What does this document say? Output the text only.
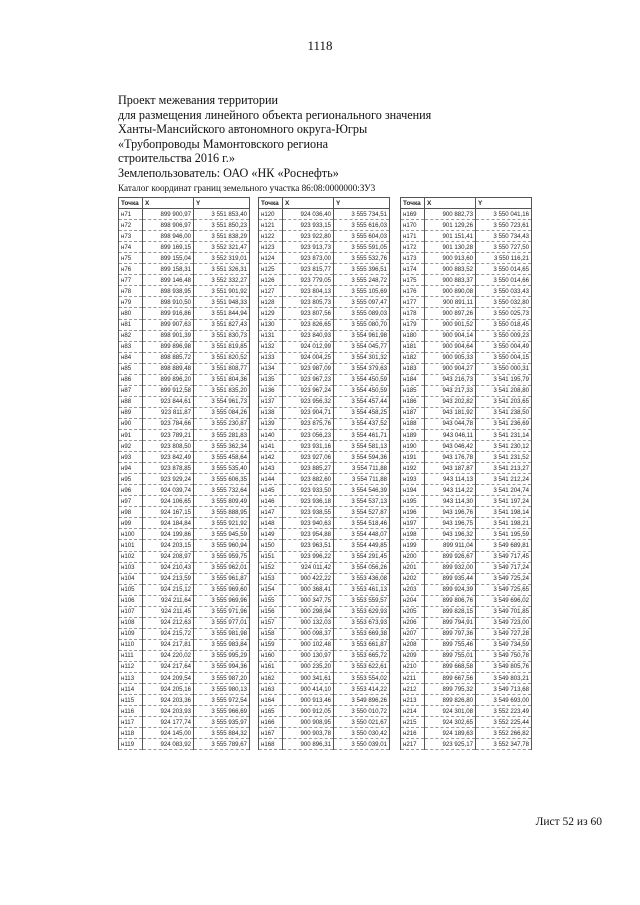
1118
Проект межевания территории
для размещения линейного объекта регионального значения
Ханты-Мансийского автономного округа-Югры
«Трубопроводы Мамонтовского региона
строительства 2016 г.»
Землепользователь: ОАО «НК «Роснефть»
Каталог координат границ земельного участка 86:08:0000000:ЗУ3
Точка	X	Y
н71	899 900,97	3 551 853,40
н72	898 906,97	3 551 850,23
н73	898 946,00	3 551 838,29
н74	899 169,15	3 552 321,47
н75	899 155,04	3 552 319,01
н76	899 158,31	3 551 326,31
н77	899 146,48	3 552 332,27
н78	898 938,95	3 551 901,92
н79	898 910,50	3 551 948,33
н80	899 916,86	3 551 844,94
н81	899 907,63	3 551 827,43
н82	898 901,39	3 551 830,73
н83	899 896,98	3 551 819,85
н84	898 885,72	3 551 820,52
н85	898 889,48	3 551 808,77
н86	899 896,20	3 551 804,36
н87	899 912,58	3 551 835,20
н88	923 844,61	3 554 961,73
н89	923 811,87	3 555 084,26
н90	923 784,66	3 555 230,87
н91	923 789,21	3 555 281,83
н92	923 808,50	3 555 362,34
н93	923 842,49	3 555 458,64
н94	923 878,85	3 555 535,40
н95	923 929,24	3 555 606,35
н96	924 039,74	3 555 732,64
н97	924 106,65	3 555 809,49
н98	924 167,15	3 555 888,95
н99	924 184,84	3 555 921,92
н100	924 199,86	3 555 945,59
н101	924 203,15	3 555 960,94
н102	924 208,97	3 555 959,75
н103	924 210,43	3 555 962,01
н104	924 213,59	3 555 961,87
н105	924 215,12	3 555 969,60
н106	924 211,64	3 555 969,96
н107	924 211,45	3 555 971,96
н108	924 212,63	3 555 977,01
н109	924 215,72	3 555 981,98
н110	924 217,81	3 555 983,84
н111	924 220,02	3 555 995,29
н112	924 217,64	3 555 994,36
н113	924 209,54	3 555 987,20
н114	924 205,16	3 555 980,13
н115	924 203,36	3 555 972,54
н116	924 203,93	3 555 966,69
н117	924 177,74	3 555 935,97
н118	924 145,00	3 555 884,32
н119	924 083,92	3 555 789,67
Точка	X	Y
н120	924 036,40	3 555 734,51
н121	923 933,15	3 555 616,03
н122	923 922,80	3 555 604,03
н123	923 913,73	3 555 591,05
н124	923 873,00	3 555 532,76
н125	923 815,77	3 555 396,51
н126	923 779,05	3 555 248,72
н127	923 804,13	3 555 105,69
н128	923 805,73	3 555 097,47
н129	923 807,56	3 555 089,03
н130	923 826,65	3 555 080,70
н131	923 840,93	3 554 961,98
н132	924 012,99	3 554 045,77
н133	924 004,25	3 554 301,32
н134	923 987,09	3 554 379,63
н135	923 967,23	3 554 450,59
н136	923 967,24	3 554 450,59
н137	923 956,32	3 554 457,44
н138	923 904,71	3 554 458,25
н139	923 875,76	3 554 437,52
н140	923 056,23	3 554 461,71
н141	923 931,16	3 554 581,13
н142	923 927,06	3 554 594,36
н143	923 885,27	3 554 711,88
н144	923 882,60	3 554 711,88
н145	923 933,50	3 554 546,39
н146	923 936,18	3 554 537,13
н147	923 938,55	3 554 527,87
н148	923 940,63	3 554 518,46
н149	923 954,88	3 554 448,07
н150	923 963,51	3 554 449,85
н151	923 996,22	3 554 291,45
н152	924 011,42	3 554 056,26
н153	900 422,22	3 553 436,08
н154	900 368,41	3 553 461,13
н155	900 347,75	3 553 559,57
н156	900 298,94	3 553 629,93
н157	900 132,03	3 553 673,93
н158	900 098,37	3 553 669,38
н159	900 102,48	3 553 661,87
н160	900 130,97	3 553 665,72
н161	900 235,20	3 553 622,61
н162	900 341,61	3 553 554,02
н163	900 414,10	3 553 414,22
н164	900 913,46	3 549 896,26
н165	900 912,05	3 550 010,72
н166	900 908,95	3 550 021,67
н167	900 903,78	3 550 030,42
н168	900 896,31	3 550 039,01
Точка	X	Y
н169	900 882,73	3 550 041,16
н170	901 129,26	3 550 723,61
н171	901 151,41	3 550 734,43
н172	901 130,28	3 550 727,50
н173	900 913,60	3 550 116,21
н174	900 883,52	3 550 014,65
н175	900 883,37	3 550 014,66
н176	900 890,08	3 550 033,43
н177	900 891,11	3 550 032,80
н178	900 897,26	3 550 025,73
н179	900 901,52	3 550 018,45
н180	900 904,14	3 550 009,23
н181	900 904,64	3 550 004,49
н182	900 905,33	3 550 004,15
н183	900 904,27	3 550 000,31
н184	943 216,73	3 541 195,79
н185	943 217,33	3 541 208,80
н186	943 202,82	3 541 203,65
н187	943 181,92	3 541 238,50
н188	943 044,78	3 541 236,69
н189	943 046,11	3 541 231,14
н190	943 046,42	3 541 230,12
н191	943 176,78	3 541 231,52
н192	943 187,87	3 541 213,27
н193	943 114,13	3 541 212,24
н194	943 114,22	3 541 204,74
н195	943 114,30	3 541 197,24
н196	943 196,76	3 541 198,14
н197	943 196,75	3 541 198,21
н198	943 196,32	3 541 195,59
н199	899 911,04	3 549 689,81
н200	899 926,67	3 549 717,45
н201	899 932,00	3 549 717,24
н202	899 935,44	3 549 725,24
н203	899 924,39	3 549 725,65
н204	899 806,76	3 549 696,02
н205	899 828,15	3 549 701,85
н206	899 794,91	3 549 723,00
н207	899 797,36	3 549 727,28
н208	899 755,46	3 549 734,59
н209	899 755,01	3 549 750,78
н210	899 668,58	3 549 805,76
н211	899 667,56	3 549 803,21
н212	899 795,32	3 549 713,68
н213	899 826,80	3 549 693,00
н214	924 301,08	3 552 223,49
н215	924 302,65	3 552 225,44
н216	924 189,63	3 552 266,82
н217	923 925,17	3 552 347,78
Лист 52 из 60
